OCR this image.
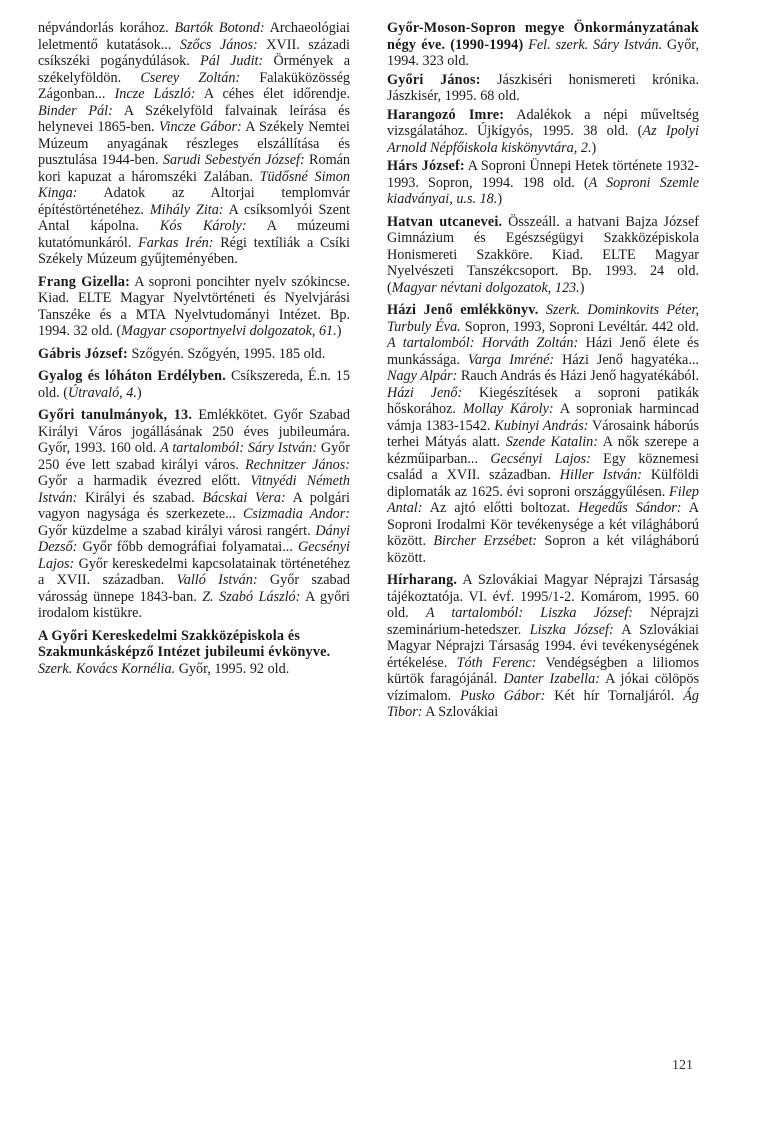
népvándorlás korához. Bartók Botond: Archaeológiai leletmentő kutatások... Szőcs János: XVII. századi csíkszéki pogánydúlások. Pál Judit: Örmények a székelyföldön. Cserey Zoltán: Falaküközösség Zágonban... Incze László: A céhes élet időrendje. Binder Pál: A Székelyföld falvainak leírása és helynevei 1865-ben. Vincze Gábor: A Székely Nemtei Múzeum anyagának részleges elszállítása és pusztulása 1944-ben. Sarudi Sebestyén József: Román kori kapuzat a háromszéki Zalában. Tüdősné Simon Kinga: Adatok az Altorjai templomvár építéstörténetéhez. Mihály Zita: A csíksomlyói Szent Antal kápolna. Kós Károly: A múzeumi kutatómunkáról. Farkas Irén: Régi textíliák a Csíki Székely Múzeum gyűjteményében.

Frang Gizella: A soproni poncihter nyelv szókincse. Kiad. ELTE Magyar Nyelvtörténeti és Nyelvjárási Tanszéke és a MTA Nyelvtudományi Intézet. Bp. 1994. 32 old. (Magyar csoportnyelvi dolgozatok, 61.)

Gábris József: Szőgyén. Szőgyén, 1995. 185 old.

Gyalog és lóháton Erdélyben. Csíkszereda, É.n. 15 old. (Útravaló, 4.)

Győri tanulmányok, 13. Emlékkötet. Győr Szabad Királyi Város jogállásának 250 éves jubileumára. Győr, 1993. 160 old. A tartalomból: Sáry István: Győr 250 éve lett szabad királyi város. Rechnitzer János: Győr a harmadik évezred előtt. Vitnyédi Németh István: Királyi és szabad. Bácskai Vera: A polgári vagyon nagysága és szerkezete... Csizmadia Andor: Győr küzdelme a szabad királyi városi rangért. Dányi Dezső: Győr főbb demográfiai folyamatai... Gecsényi Lajos: Győr kereskedelmi kapcsolatainak történetéhez a XVII. században. Valló István: Győr szabad városság ünnepe 1843-ban. Z. Szabó László: A győri irodalom kistükre.

A Győri Kereskedelmi Szakközépiskola és Szakmunkásképző Intézet jubileumi évkönyve. Szerk. Kovács Kornélia. Győr, 1995. 92 old.

Győr-Moson-Sopron megye Önkormányzatának négy éve. (1990-1994) Fel. szerk. Sáry István. Győr, 1994. 323 old.

Győri János: Jászkiséri honismereti krónika. Jászkisér, 1995. 68 old.

Harangozó Imre: Adalékok a népi műveltség vizsgálatához. Újkígyós, 1995. 38 old. (Az Ipolyi Arnold Népfőiskola kiskönyvtára, 2.)

Hárs József: A Soproni Ünnepi Hetek története 1932-1993. Sopron, 1994. 198 old. (A Soproni Szemle kiadványai, u.s. 18.)

Hatvan utcanevei. Összeáll. a hatvani Bajza József Gimnázium és Egészségügyi Szakközépiskola Honismereti Szakköre. Kiad. ELTE Magyar Nyelvészeti Tanszékcsoport. Bp. 1993. 24 old. (Magyar névtani dolgozatok, 123.)

Házi Jenő emlékkönyv. Szerk. Dominkovits Péter, Turbuly Éva. Sopron, 1993, Soproni Levéltár. 442 old. A tartalomból: Horváth Zoltán: Házi Jenő élete és munkássága. Varga Imréné: Házi Jenő hagyatéka... Nagy Alpár: Rauch András és Házi Jenő hagyatékából. Házi Jenő: Kiegészítések a soproni patikák hőskorához. Mollay Károly: A soproniak harmincad vámja 1383-1542. Kubinyi András: Városaink háborús terhei Mátyás alatt. Szende Katalin: A nők szerepe a kézműiparban... Gecsényi Lajos: Egy köznemesi család a XVII. században. Hiller István: Külföldi diplomaták az 1625. évi soproni országgyűlésen. Filep Antal: Az ajtó előtti boltozat. Hegedűs Sándor: A Soproni Irodalmi Kör tevékenysége a két világháború között. Bircher Erzsébet: Sopron a két világháború között.

Hírharang. A Szlovákiai Magyar Néprajzi Társaság tájékoztatója. VI. évf. 1995/1-2. Komárom, 1995. 60 old. A tartalomból: Liszka József: Néprajzi szeminárium-hetedszer. Liszka József: A Szlovákiai Magyar Néprajzi Társaság 1994. évi tevékenységének értékelése. Tóth Ferenc: Vendégségben a liliomos kürtök faragójánál. Danter Izabella: A jókai cölöpös vízimalom. Pusko Gábor: Két hír Tornaljáról. Ág Tibor: A Szlovákiai

121
